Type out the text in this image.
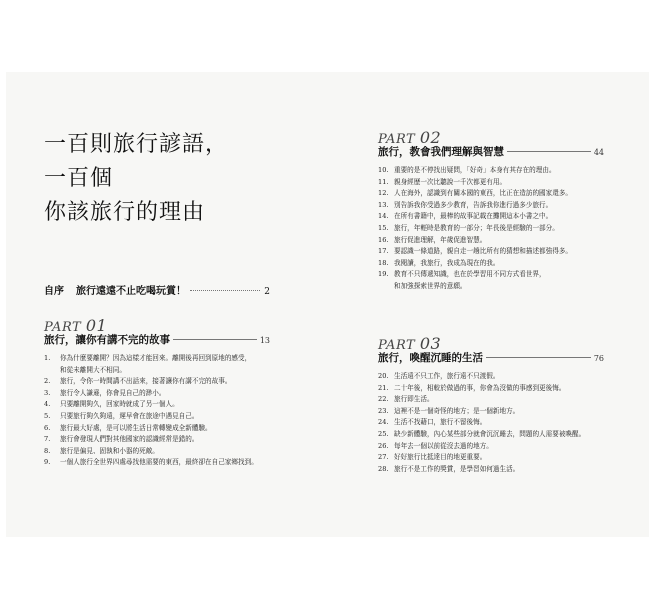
一百則旅行諺語，
一百個
你該旅行的理由
自序 旅行遠遠不止吃喝玩賞！	2
PART 01
旅行，讓你有講不完的故事	13
1.	你為什麼要離開？因為這樣才能回來。離開後再回到原地的感受，
和從未離開大不相同。
2.	旅行，令你一時間講不出話來，接著讓你有講不完的故事。
3.	旅行令人謙遜，你會見自己的渺小。
4.	只要離開夠久，回家時就成了另一個人。
5.	只要旅行夠久夠遠，遲早會在旅途中遇見自己。
6.	旅行最大好處，是可以將生活日常轉變成全新體驗。
7.	旅行會發現人們對其他國家的認識經常是錯的。
8.	旅行是偏見、固執和小器的死敵。
9.	一個人旅行全世界四處尋找他需要的東西，最終卻在自己家鄉找到。
PART 02
旅行，教會我們理解與智慧	44
10. 重要的是不停找出疑問，「好奇」本身有其存在的理由。
11. 親身經歷一次比聽說一千次都更有用。
12. 人在海外，認識到有關本國的東西，比正在造訪的國家還多。
13. 別告訴我你受過多少教育，告訴我你進行過多少旅行。
14. 在所有書籍中，最棒的故事記載在攤開這本小書之中。
15. 旅行，年輕時是教育的一部分；年長後是經驗的一部分。
16. 旅行促進理解，年歲促進智慧。
17. 要認識一條道路，親自走一趟比所有的猜想和描述都強得多。
18. 我閱讀，我旅行，我成為現在的我。
19. 教育不只傳遞知識，也在於學習用不同方式看世界，
和加強探索世界的意願。
PART 03
旅行，喚醒沉睡的生活	76
20. 生活遠不只工作，旅行遠不只渡假。
21. 二十年後，相較於做過的事，你會為沒做的事感到更後悔。
22. 旅行即生活。
23. 這裡不是一個奇怪的地方；是一個新地方。
24. 生活不找藉口，旅行不留後悔。
25. 缺少新體驗，內心某些部分就會沉沉睡去，問題的人需要被喚醒。
26. 每年去一個以前從沒去過的地方。
27. 好好旅行比抵達目的地更重要。
28. 旅行不是工作的獎賞，是學習如何過生活。
